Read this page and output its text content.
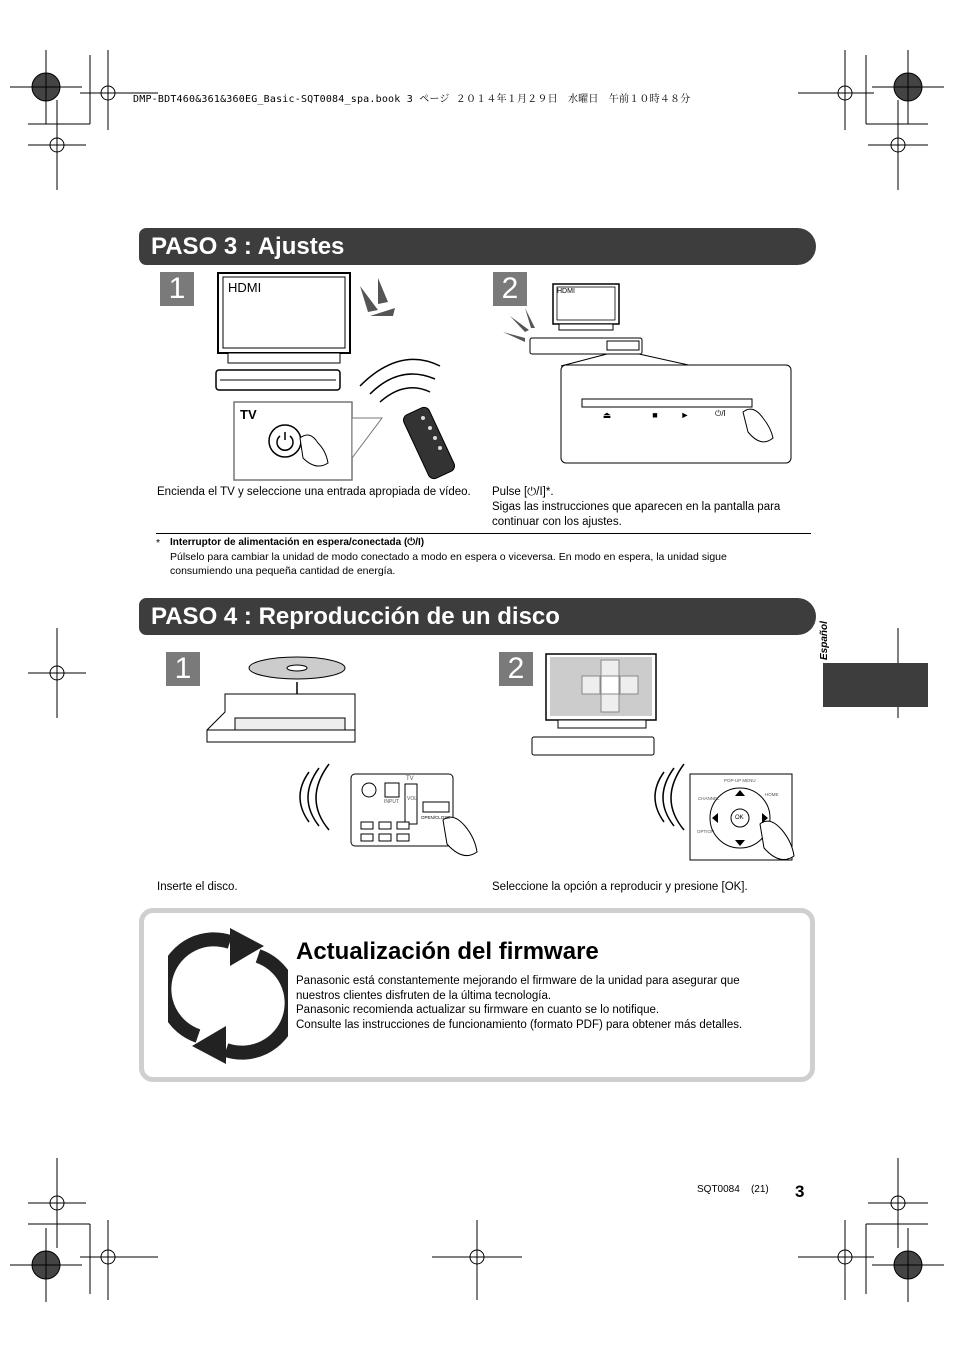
DMP-BDT460&361&360EG_Basic-SQT0084_spa.book 3 ページ ２０１４年１月２９日　水曜日　午前１０時４８分
PASO 3 : Ajustes
1	2
HDMI
TV	⏏	■	►
HDMI
⏻/I
Encienda el TV y seleccione una entrada apropiada de vídeo.	Pulse [⏻/I]*.
Sigas las instrucciones que aparecen en la pantalla para continuar con los ajustes.
* Interruptor de alimentación en espera/conectada (⏻/I)
Púlselo para cambiar la unidad de modo conectado a modo en espera o viceversa. En modo en espera, la unidad sigue consumiendo una pequeña cantidad de energía.
PASO 4 : Reproducción de un disco
1	2
TV
INPUT VOL
OPEN/CLOSE	OK
POP-UP MENU
OPTION
HOME
CHANNEL
Inserte el disco.	Seleccione la opción a reproducir y presione [OK].
Español
Actualización del firmware
Panasonic está constantemente mejorando el firmware de la unidad para asegurar que nuestros clientes disfruten de la última tecnología.
Panasonic recomienda actualizar su firmware en cuanto se lo notifique.
Consulte las instrucciones de funcionamiento (formato PDF) para obtener más detalles.
SQT0084 (21) 3
